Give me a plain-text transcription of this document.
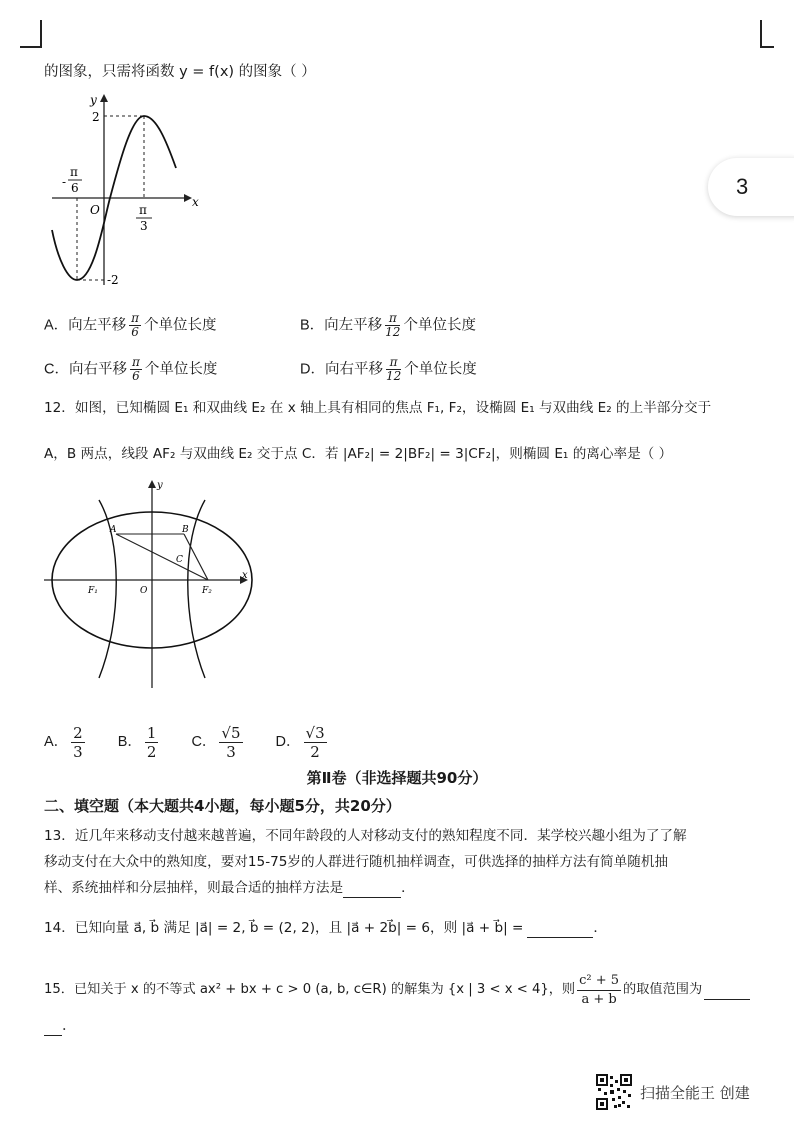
3
的图象，只需将函数 y = f(x) 的图象（ ）
y
x
O
2
-2
-
π
6
π
3
A．向左平移 $\frac{\pi}{6}$ 个单位长度	B．向左平移 $\frac{\pi}{12}$ 个单位长度
C．向右平移 $\frac{\pi}{6}$ 个单位长度	D．向右平移 $\frac{\pi}{12}$ 个单位长度
12．如图，已知椭圆 E₁ 和双曲线 E₂ 在 x 轴上具有相同的焦点 F₁, F₂，设椭圆 E₁ 与双曲线 E₂ 的上半部分交于
A，B 两点，线段 AF₂ 与双曲线 E₂ 交于点 C．若 |AF₂| = 2|BF₂| = 3|CF₂|，则椭圆 E₁ 的离心率是（ ）
y
x
O
A	B
C
F₁	F₂
A． $\frac{2}{3}$ B． $\frac{1}{2}$ C． $\frac{√5}{3}$ D． $\frac{√3}{2}$
第Ⅱ卷（非选择题共90分）
二、填空题（本大题共4小题，每小题5分，共20分）
13．近几年来移动支付越来越普遍，不同年龄段的人对移动支付的熟知程度不同．某学校兴趣小组为了了解
移动支付在大众中的熟知度，要对15-75岁的人群进行随机抽样调查，可供选择的抽样方法有简单随机抽
样、系统抽样和分层抽样，则最合适的抽样方法是	．
14．已知向量 a⃗, b⃗ 满足 |a⃗| = 2, b⃗ = (2, 2)，且 |a⃗ + 2b⃗| = 6，则 |a⃗ + b⃗| =	．
15．已知关于 x 的不等式 ax² + bx + c > 0 (a, b, c∈R) 的解集为 {x | 3 < x < 4}，则 $\frac{\text{c² + 5}}{a + b}$ 的取值范围为
．
扫描全能王 创建
